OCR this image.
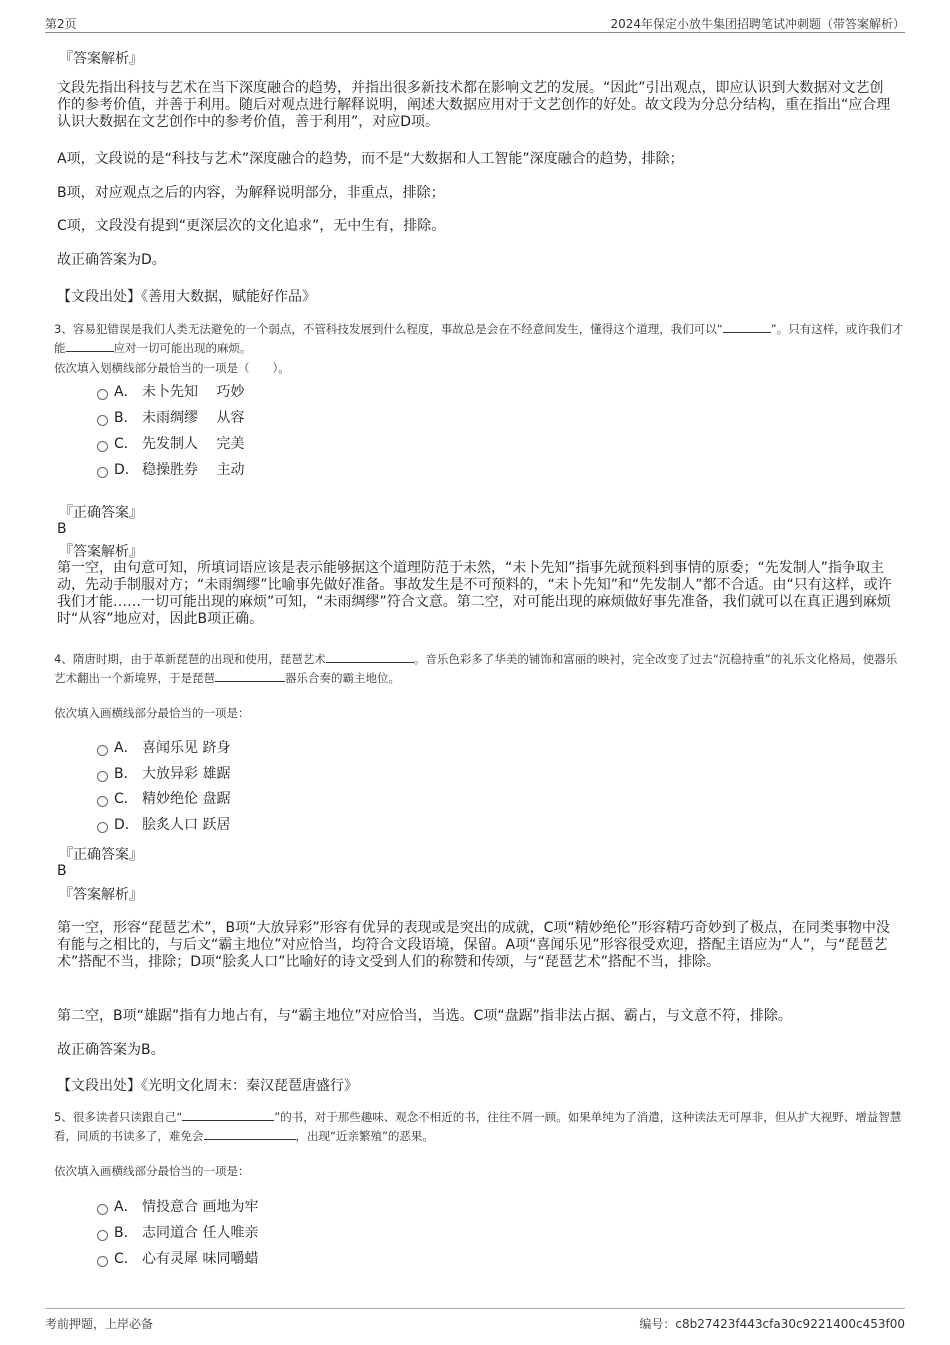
第2页	2024年保定小放牛集团招聘笔试冲刺题（带答案解析）
『答案解析』
文段先指出科技与艺术在当下深度融合的趋势，并指出很多新技术都在影响文艺的发展。“因此”引出观点，即应认识到大数据对文艺创作的参考价值，并善于利用。随后对观点进行解释说明，阐述大数据应用对于文艺创作的好处。故文段为分总分结构，重在指出“应合理认识大数据在文艺创作中的参考价值，善于利用”，对应D项。
A项，文段说的是“科技与艺术”深度融合的趋势，而不是“大数据和人工智能”深度融合的趋势，排除；
B项，对应观点之后的内容，为解释说明部分，非重点，排除；
C项，文段没有提到“更深层次的文化追求”，无中生有，排除。
故正确答案为D。
【文段出处】《善用大数据，赋能好作品》
3、容易犯错误是我们人类无法避免的一个弱点，不管科技发展到什么程度，事故总是会在不经意间发生，懂得这个道理，我们可以“	”。只有这样，或许我们才能	应对一切可能出现的麻烦。
依次填入划横线部分最恰当的一项是（　　）。
A． 未卜先知　 巧妙
B． 未雨绸缪　 从容
C． 先发制人　 完美
D． 稳操胜券　 主动
『正确答案』
B
『答案解析』
第一空，由句意可知，所填词语应该是表示能够据这个道理防范于未然，“未卜先知”指事先就预料到事情的原委；“先发制人”指争取主动，先动手制服对方；“未雨绸缪”比喻事先做好准备。事故发生是不可预料的，“未卜先知”和“先发制人”都不合适。由“只有这样，或许我们才能……一切可能出现的麻烦”可知，“未雨绸缪”符合文意。第二空，对可能出现的麻烦做好事先准备，我们就可以在真正遇到麻烦时“从容”地应对，因此B项正确。
4、隋唐时期，由于革新琵琶的出现和使用，琵琶艺术	。音乐色彩多了华美的铺饰和富丽的映衬，完全改变了过去“沉稳持重”的礼乐文化格局，使器乐艺术翻出一个新境界，于是琵琶	器乐合奏的霸主地位。
依次填入画横线部分最恰当的一项是：
A． 喜闻乐见 跻身
B． 大放异彩 雄踞
C． 精妙绝伦 盘踞
D． 脍炙人口 跃居
『正确答案』
B
『答案解析』
第一空，形容“琵琶艺术”，B项“大放异彩”形容有优异的表现或是突出的成就，C项“精妙绝伦”形容精巧奇妙到了极点，在同类事物中没有能与之相比的，与后文“霸主地位”对应恰当，均符合文段语境，保留。A项“喜闻乐见”形容很受欢迎，搭配主语应为“人”，与“琵琶艺术”搭配不当，排除；D项“脍炙人口”比喻好的诗文受到人们的称赞和传颂，与“琵琶艺术”搭配不当，排除。
第二空，B项“雄踞”指有力地占有，与“霸主地位”对应恰当，当选。C项“盘踞”指非法占据、霸占，与文意不符，排除。
故正确答案为B。
【文段出处】《光明文化周末：秦汉琵琶唐盛行》
5、很多读者只读跟自己“	”的书，对于那些趣味、观念不相近的书，往往不屑一顾。如果单纯为了消遣，这种读法无可厚非，但从扩大视野、增益智慧看，同质的书读多了，难免会	，出现“近亲繁殖”的恶果。
依次填入画横线部分最恰当的一项是：
A． 情投意合 画地为牢
B． 志同道合 任人唯亲
C． 心有灵犀 味同嚼蜡
考前押题，上岸必备	编号：c8b27423f443cfa30c9221400c453f00
